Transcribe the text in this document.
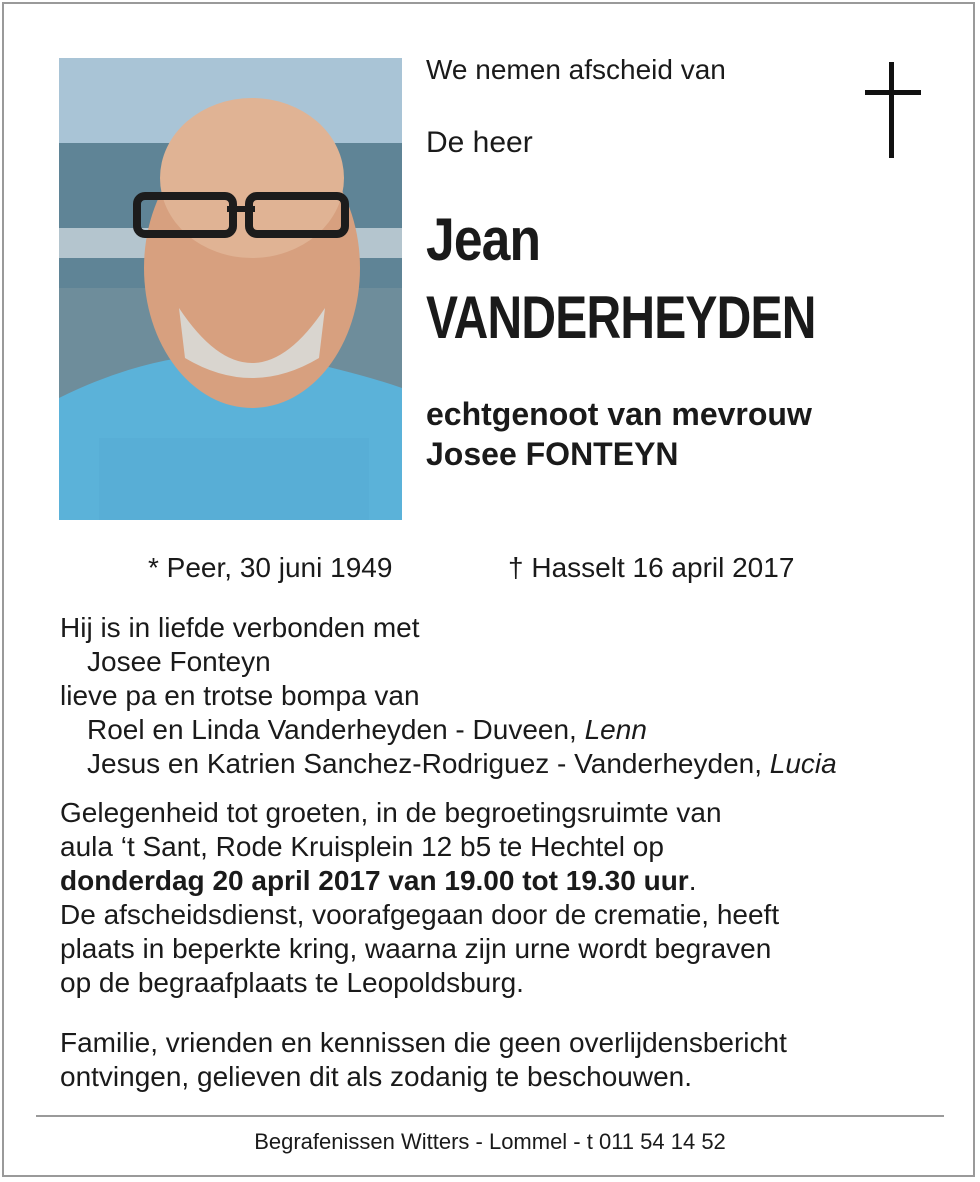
We nemen afscheid van
De heer
Jean
VANDERHEYDEN
echtgenoot van mevrouw
Josee FONTEYN
* Peer, 30 juni 1949	† Hasselt 16 april 2017
Hij is in liefde verbonden met
Josee Fonteyn
lieve pa en trotse bompa van
Roel en Linda Vanderheyden - Duveen, Lenn
Jesus en Katrien Sanchez-Rodriguez - Vanderheyden, Lucia
Gelegenheid tot groeten, in de begroetingsruimte van
aula ‘t Sant, Rode Kruisplein 12 b5 te Hechtel op
donderdag 20 april 2017 van 19.00 tot 19.30 uur.
De afscheidsdienst, voorafgegaan door de crematie, heeft
plaats in beperkte kring, waarna zijn urne wordt begraven
op de begraafplaats te Leopoldsburg.
Familie, vrienden en kennissen die geen overlijdensbericht
ontvingen, gelieven dit als zodanig te beschouwen.
Begrafenissen Witters - Lommel - t 011 54 14 52
